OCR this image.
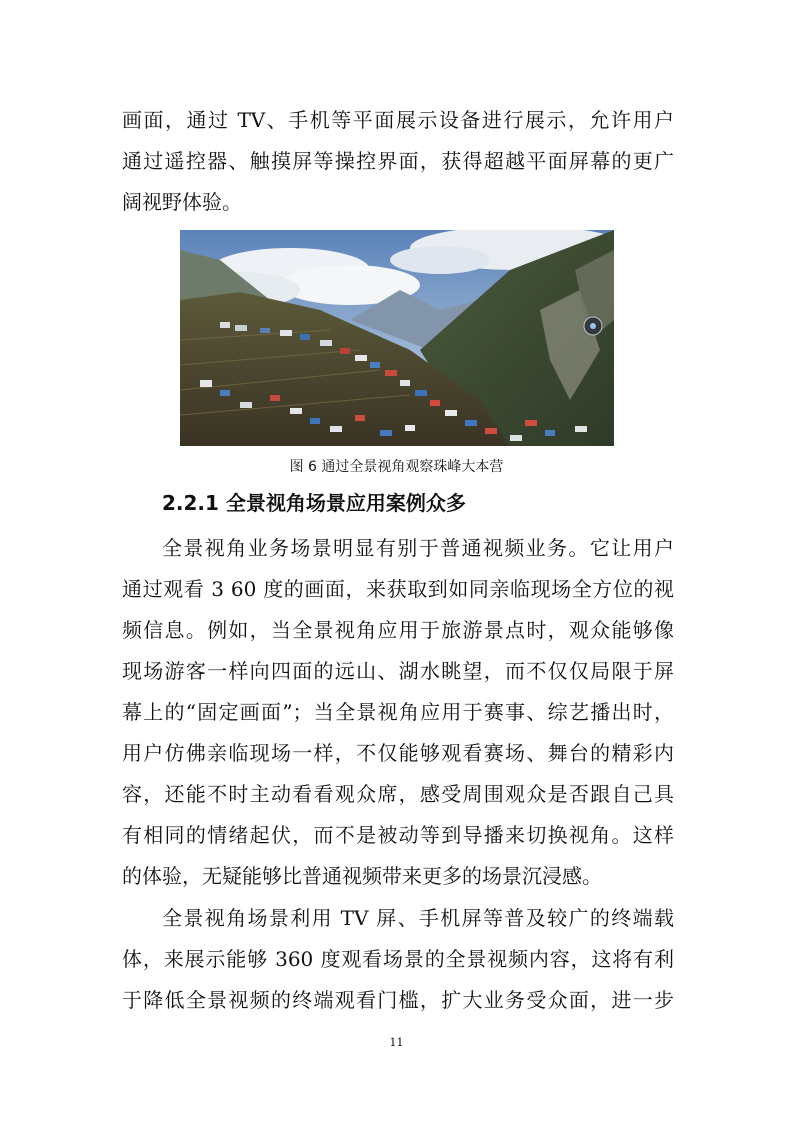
画面，通过 TV、手机等平面展示设备进行展示，允许用户
通过遥控器、触摸屏等操控界面，获得超越平面屏幕的更广
阔视野体验。
图 6 通过全景视角观察珠峰大本营
2.2.1 全景视角场景应用案例众多
全景视角业务场景明显有别于普通视频业务。它让用户
通过观看 3 60 度的画面，来获取到如同亲临现场全方位的视
频信息。例如，当全景视角应用于旅游景点时，观众能够像
现场游客一样向四面的远山、湖水眺望，而不仅仅局限于屏
幕上的“固定画面”；当全景视角应用于赛事、综艺播出时，
用户仿佛亲临现场一样，不仅能够观看赛场、舞台的精彩内
容，还能不时主动看看观众席，感受周围观众是否跟自己具
有相同的情绪起伏，而不是被动等到导播来切换视角。这样
的体验，无疑能够比普通视频带来更多的场景沉浸感。
全景视角场景利用 TV 屏、手机屏等普及较广的终端载
体，来展示能够 360 度观看场景的全景视频内容，这将有利
于降低全景视频的终端观看门槛，扩大业务受众面，进一步
11
